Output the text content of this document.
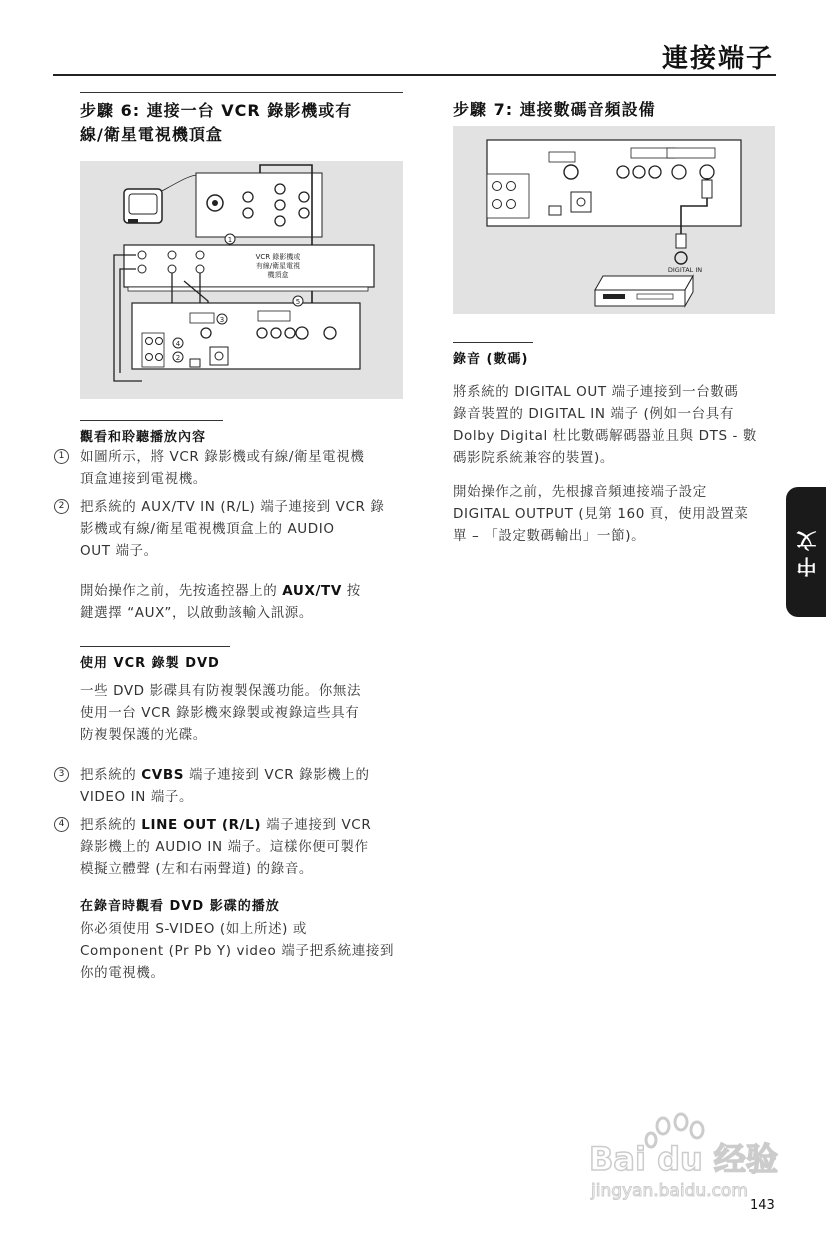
連接端子
步驟 6: 連接一台 VCR 錄影機或有
線/衛星電視機頂盒
1
VCR 錄影機或
有線/衛星電視
機頂盒
2
3
4
5
觀看和聆聽播放內容
1	如圖所示，將 VCR 錄影機或有線/衛星電視機
頂盒連接到電視機。
2	把系統的 AUX/TV IN (R/L) 端子連接到 VCR 錄
影機或有線/衛星電視機頂盒上的 AUDIO
OUT 端子。
開始操作之前，先按遙控器上的 AUX/TV 按
鍵選擇 “AUX”，以啟動該輸入訊源。
使用 VCR 錄製 DVD
一些 DVD 影碟具有防複製保護功能。你無法
使用一台 VCR 錄影機來錄製或複錄這些具有
防複製保護的光碟。
3	把系統的 CVBS 端子連接到 VCR 錄影機上的
VIDEO IN 端子。
4	把系統的 LINE OUT (R/L) 端子連接到 VCR
錄影機上的 AUDIO IN 端子。這樣你便可製作
模擬立體聲 (左和右兩聲道) 的錄音。
在錄音時觀看 DVD 影碟的播放
你必須使用 S-VIDEO (如上所述) 或
Component (Pr Pb Y) video 端子把系統連接到
你的電視機。
步驟 7: 連接數碼音頻設備
DIGITAL IN
錄音 (數碼)
將系統的 DIGITAL OUT 端子連接到一台數碼
錄音裝置的 DIGITAL IN 端子 (例如一台具有
Dolby Digital 杜比數碼解碼器並且與 DTS - 數
碼影院系統兼容的裝置)。
開始操作之前，先根據音頻連接端子設定
DIGITAL OUTPUT (見第 160 頁，使用設置菜
單 – 「設定數碼輸出」一節)。	中文
Bai du 经验
jingyan.baidu.com
143
